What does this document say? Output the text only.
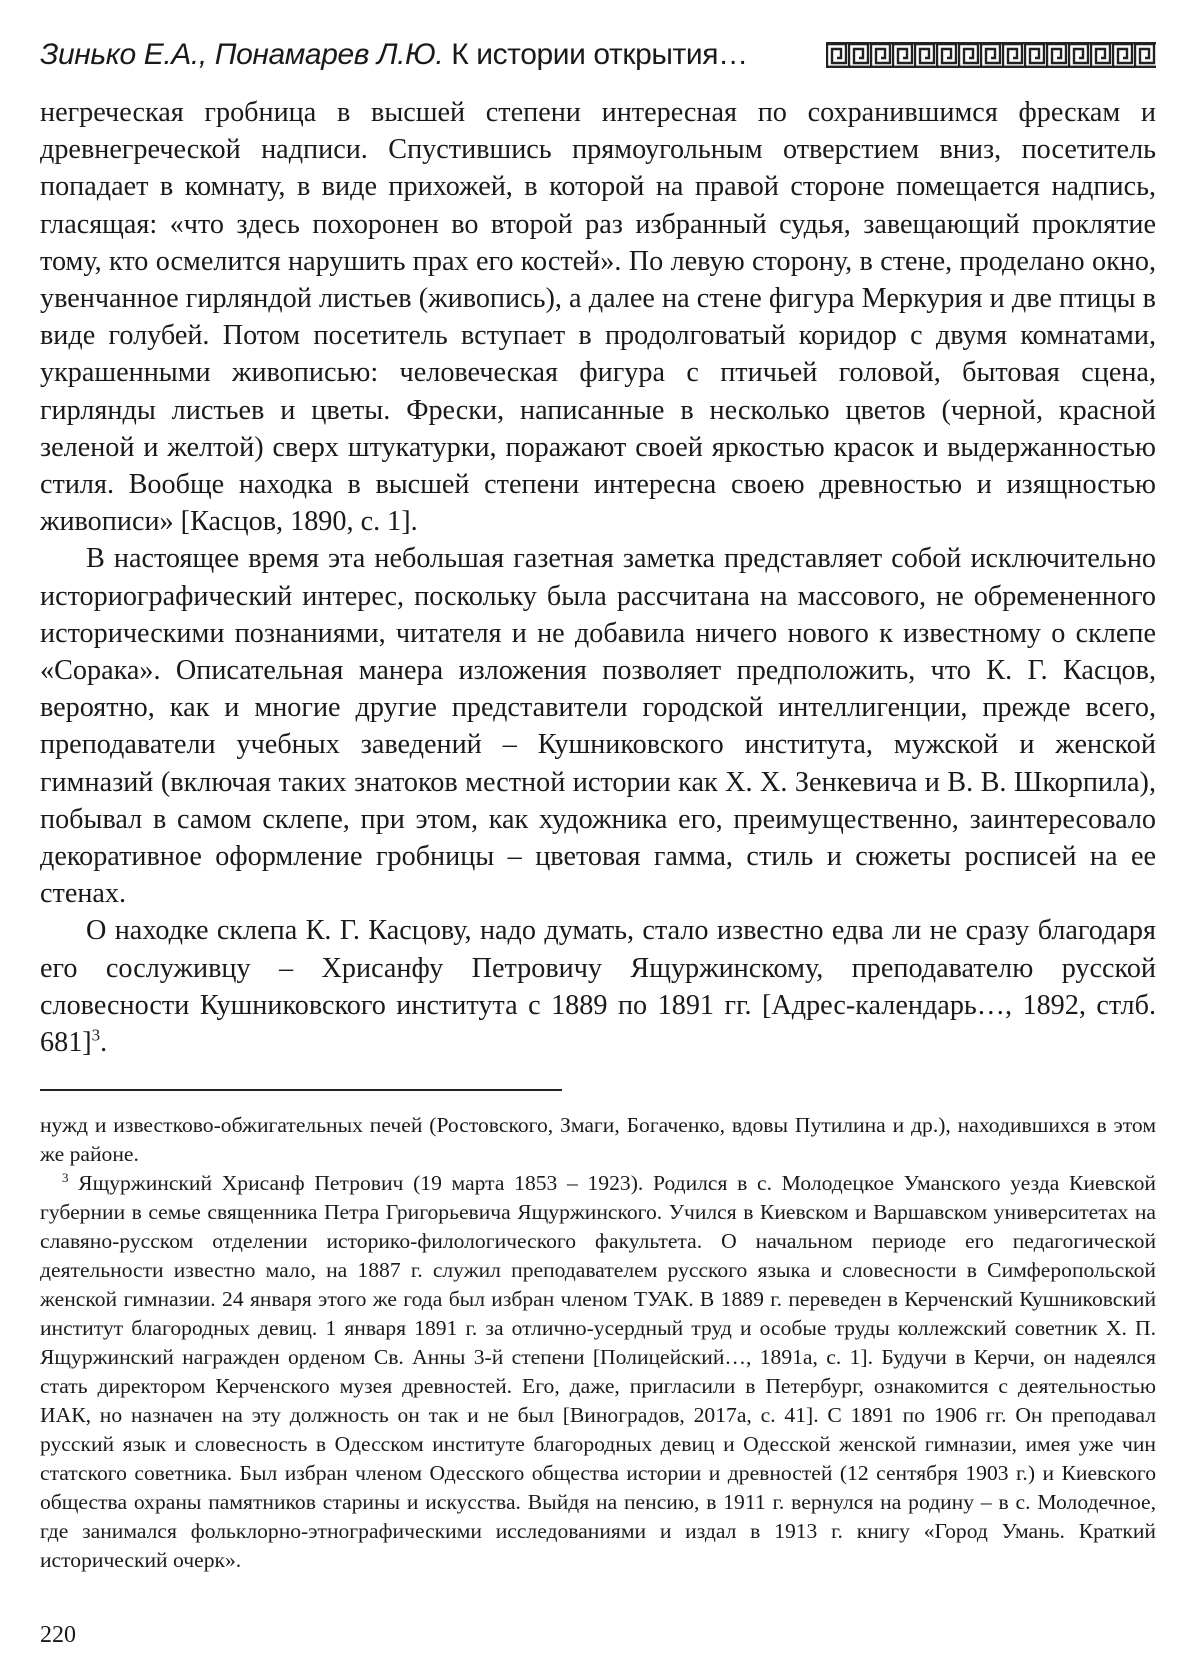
Зинько Е.А., Понамарев Л.Ю. К истории открытия…

негреческая гробница в высшей степени интересная по сохранившимся фрескам и древнегреческой надписи. Спустившись прямоугольным отверстием вниз, посетитель попадает в комнату, в виде прихожей, в которой на правой стороне помещается надпись, гласящая: «что здесь похоронен во второй раз избранный судья, завещающий проклятие тому, кто осмелится нарушить прах его костей». По левую сторону, в стене, проделано окно, увенчанное гирляндой листьев (живопись), а далее на стене фигура Меркурия и две птицы в виде голубей. Потом посетитель вступает в продолговатый коридор с двумя комнатами, украшенными живописью: человеческая фигура с птичьей головой, бытовая сцена, гирлянды листьев и цветы. Фрески, написанные в несколько цветов (черной, красной зеленой и желтой) сверх штукатурки, поражают своей яркостью красок и выдержанностью стиля. Вообще находка в высшей степени интересна своею древностью и изящностью живописи» [Касцов, 1890, с. 1].

В настоящее время эта небольшая газетная заметка представляет собой исключительно историографический интерес, поскольку была рассчитана на массового, не обремененного историческими познаниями, читателя и не добавила ничего нового к известному о склепе «Сорака». Описательная манера изложения позволяет предположить, что К. Г. Касцов, вероятно, как и многие другие представители городской интеллигенции, прежде всего, преподаватели учебных заведений – Кушниковского института, мужской и женской гимназий (включая таких знатоков местной истории как Х. Х. Зенкевича и В. В. Шкорпила), побывал в самом склепе, при этом, как художника его, преимущественно, заинтересовало декоративное оформление гробницы – цветовая гамма, стиль и сюжеты росписей на ее стенах.

О находке склепа К. Г. Касцову, надо думать, стало известно едва ли не сразу благодаря его сослуживцу – Хрисанфу Петровичу Ящуржинскому, преподавателю русской словесности Кушниковского института с 1889 по 1891 гг. [Адрес-календарь…, 1892, стлб. 681]$^3$.

нужд и известково-обжигательных печей (Ростовского, Змаги, Богаченко, вдовы Путилина и др.), находившихся в этом же районе.

$^3$ Ящуржинский Хрисанф Петрович (19 марта 1853 – 1923). Родился в с. Молодецкое Уманского уезда Киевской губернии в семье священника Петра Григорьевича Ящуржинского. Учился в Киевском и Варшавском университетах на славяно-русском отделении историко-филологического факультета. О начальном периоде его педагогической деятельности известно мало, на 1887 г. служил преподавателем русского языка и словесности в Симферопольской женской гимназии. 24 января этого же года был избран членом ТУАК. В 1889 г. переведен в Керченский Кушниковский институт благородных девиц. 1 января 1891 г. за отлично-усердный труд и особые труды коллежский советник Х. П. Ящуржинский награжден орденом Св. Анны 3-й степени [Полицейский…, 1891а, с. 1]. Будучи в Керчи, он надеялся стать директором Керченского музея древностей. Его, даже, пригласили в Петербург, ознакомится с деятельностью ИАК, но назначен на эту должность он так и не был [Виноградов, 2017а, с. 41]. С 1891 по 1906 гг. Он преподавал русский язык и словесность в Одесском институте благородных девиц и Одесской женской гимназии, имея уже чин статского советника. Был избран членом Одесского общества истории и древностей (12 сентября 1903 г.) и Киевского общества охраны памятников старины и искусства. Выйдя на пенсию, в 1911 г. вернулся на родину – в с. Молодечное, где занимался фольклорно-этнографическими исследованиями и издал в 1913 г. книгу «Город Умань. Краткий исторический очерк».

220
